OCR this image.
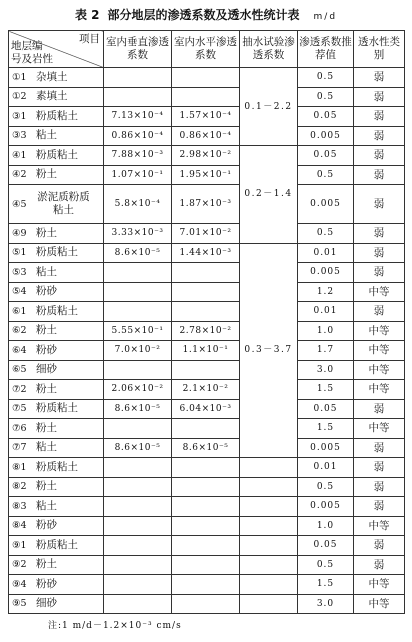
表 2 部分地层的渗透系数及透水性统计表 m/d
项目
地层编
号及岩性	室内垂直渗透系数	室内水平渗透系数	抽水试验渗透系数	渗透系数推荐值	透水性类别
①1 杂填土			0.1－2.2	0.5	弱
①2 素填土				0.5	弱
③1 粉质粘土	7.13×10⁻⁴	1.57×10⁻⁴		0.05	弱
③3 粘土	0.86×10⁻⁴	0.86×10⁻⁴		0.005	弱
④1 粉质粘土	7.88×10⁻³	2.98×10⁻²	0.2－1.4	0.05	弱
④2 粉土	1.07×10⁻¹	1.95×10⁻¹		0.5	弱
④5淤泥质粉质粘土	5.8×10⁻⁴	1.87×10⁻³		0.005	弱
④9 粉土	3.33×10⁻³	7.01×10⁻²		0.5	弱
⑤1 粉质粘土	8.6×10⁻⁵	1.44×10⁻³	0.3－3.7	0.01	弱
⑤3 粘土				0.005	弱
⑤4 粉砂				1.2	中等
⑥1 粉质粘土				0.01	弱
⑥2 粉土	5.55×10⁻¹	2.78×10⁻²		1.0	中等
⑥4 粉砂	7.0×10⁻²	1.1×10⁻¹		1.7	中等
⑥5 细砂				3.0	中等
⑦2 粉土	2.06×10⁻²	2.1×10⁻²		1.5	中等
⑦5 粉质粘土	8.6×10⁻⁵	6.04×10⁻³		0.05	弱
⑦6 粉土				1.5	中等
⑦7 粘土	8.6×10⁻⁵	8.6×10⁻⁵		0.005	弱
⑧1 粉质粘土				0.01	弱
⑧2 粉土				0.5	弱
⑧3 粘土				0.005	弱
⑧4 粉砂				1.0	中等
⑨1 粉质粘土				0.05	弱
⑨2 粉土				0.5	弱
⑨4 粉砂				1.5	中等
⑨5 细砂				3.0	中等
注:1 m/d－1.2×10⁻³ cm/s
